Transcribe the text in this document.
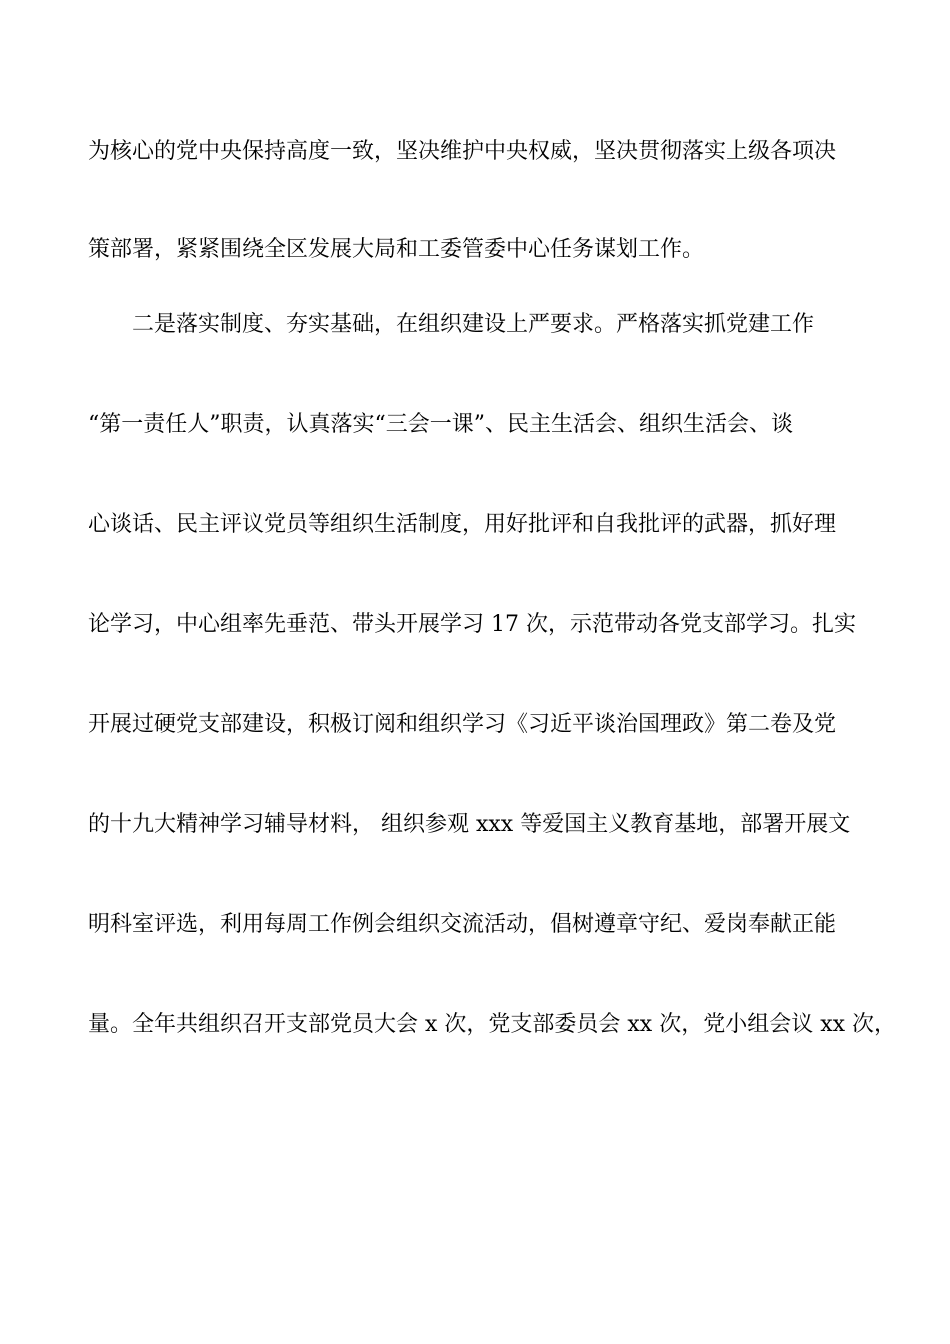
为核心的党中央保持高度一致，坚决维护中央权威，坚决贯彻落实上级各项决
策部署，紧紧围绕全区发展大局和工委管委中心任务谋划工作。
二是落实制度、夯实基础，在组织建设上严要求。严格落实抓党建工作
“第一责任人”职责，认真落实“三会一课”、民主生活会、组织生活会、谈
心谈话、民主评议党员等组织生活制度，用好批评和自我批评的武器，抓好理
论学习，中心组率先垂范、带头开展学习 17 次，示范带动各党支部学习。扎实
开展过硬党支部建设，积极订阅和组织学习《习近平谈治国理政》第二卷及党
的十九大精神学习辅导材料， 组织参观 xxx 等爱国主义教育基地，部署开展文
明科室评选，利用每周工作例会组织交流活动，倡树遵章守纪、爱岗奉献正能
量。全年共组织召开支部党员大会 x 次，党支部委员会 xx 次，党小组会议 xx 次，
